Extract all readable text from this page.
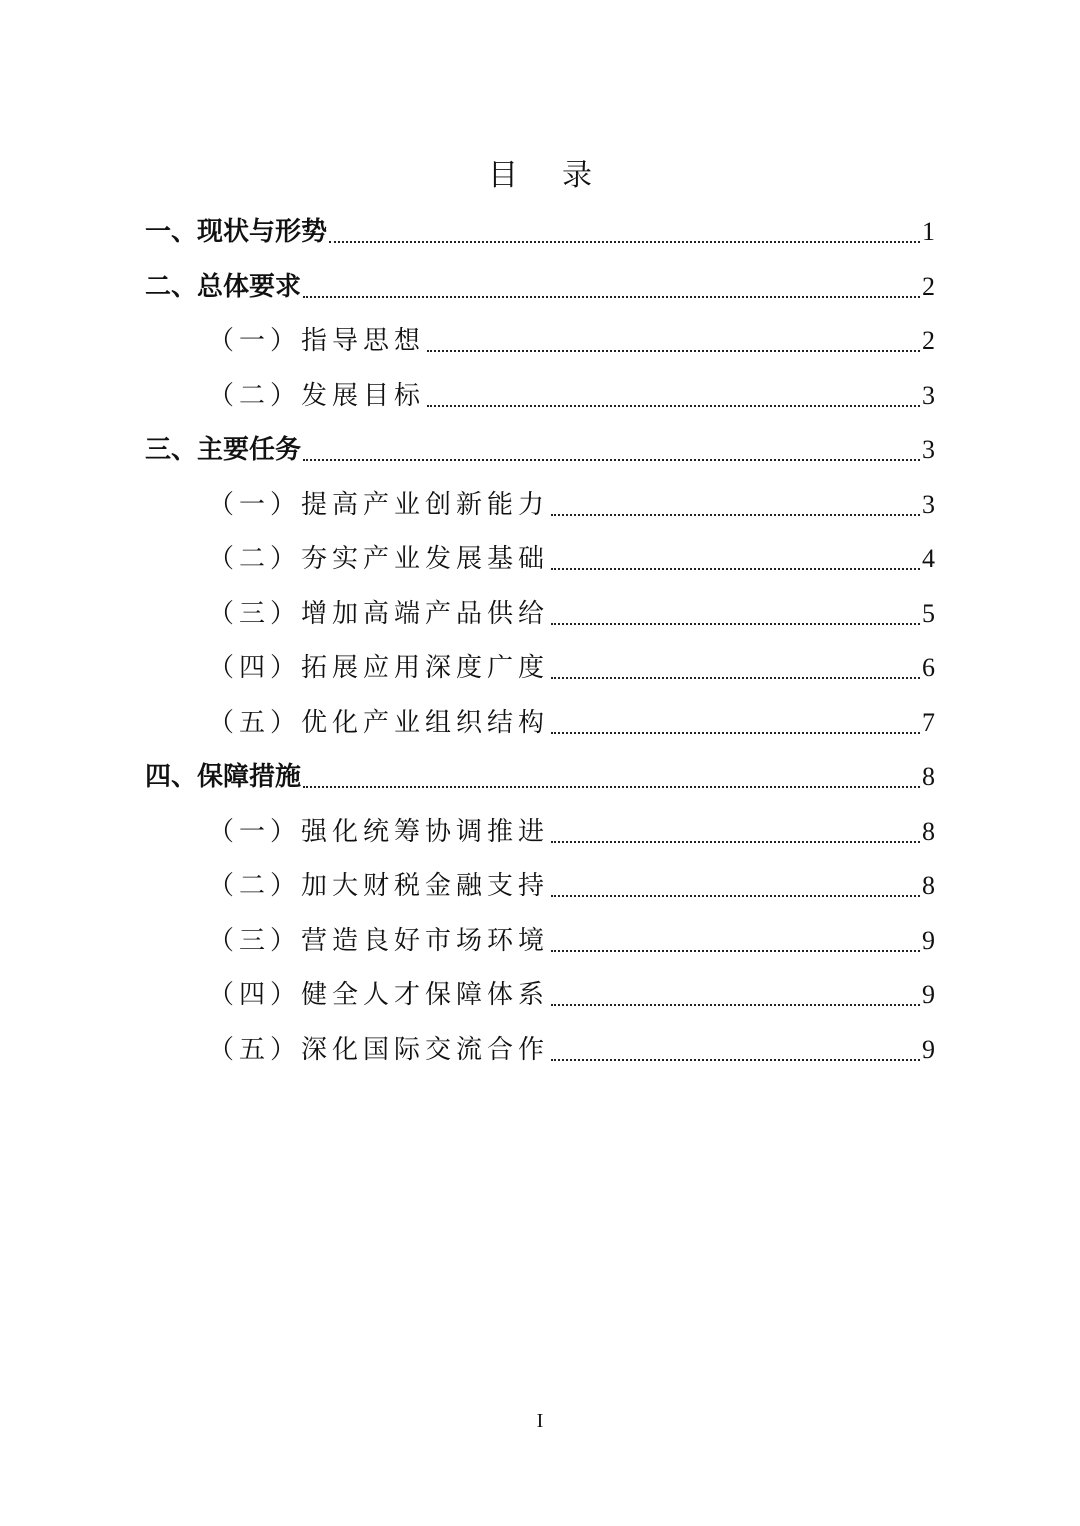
目 录
一、现状与形势	1
二、总体要求	2
（一）指导思想	2
（二）发展目标	3
三、主要任务	3
（一）提高产业创新能力	3
（二）夯实产业发展基础	4
（三）增加高端产品供给	5
（四）拓展应用深度广度	6
（五）优化产业组织结构	7
四、保障措施	8
（一）强化统筹协调推进	8
（二）加大财税金融支持	8
（三）营造良好市场环境	9
（四）健全人才保障体系	9
（五）深化国际交流合作	9
I
